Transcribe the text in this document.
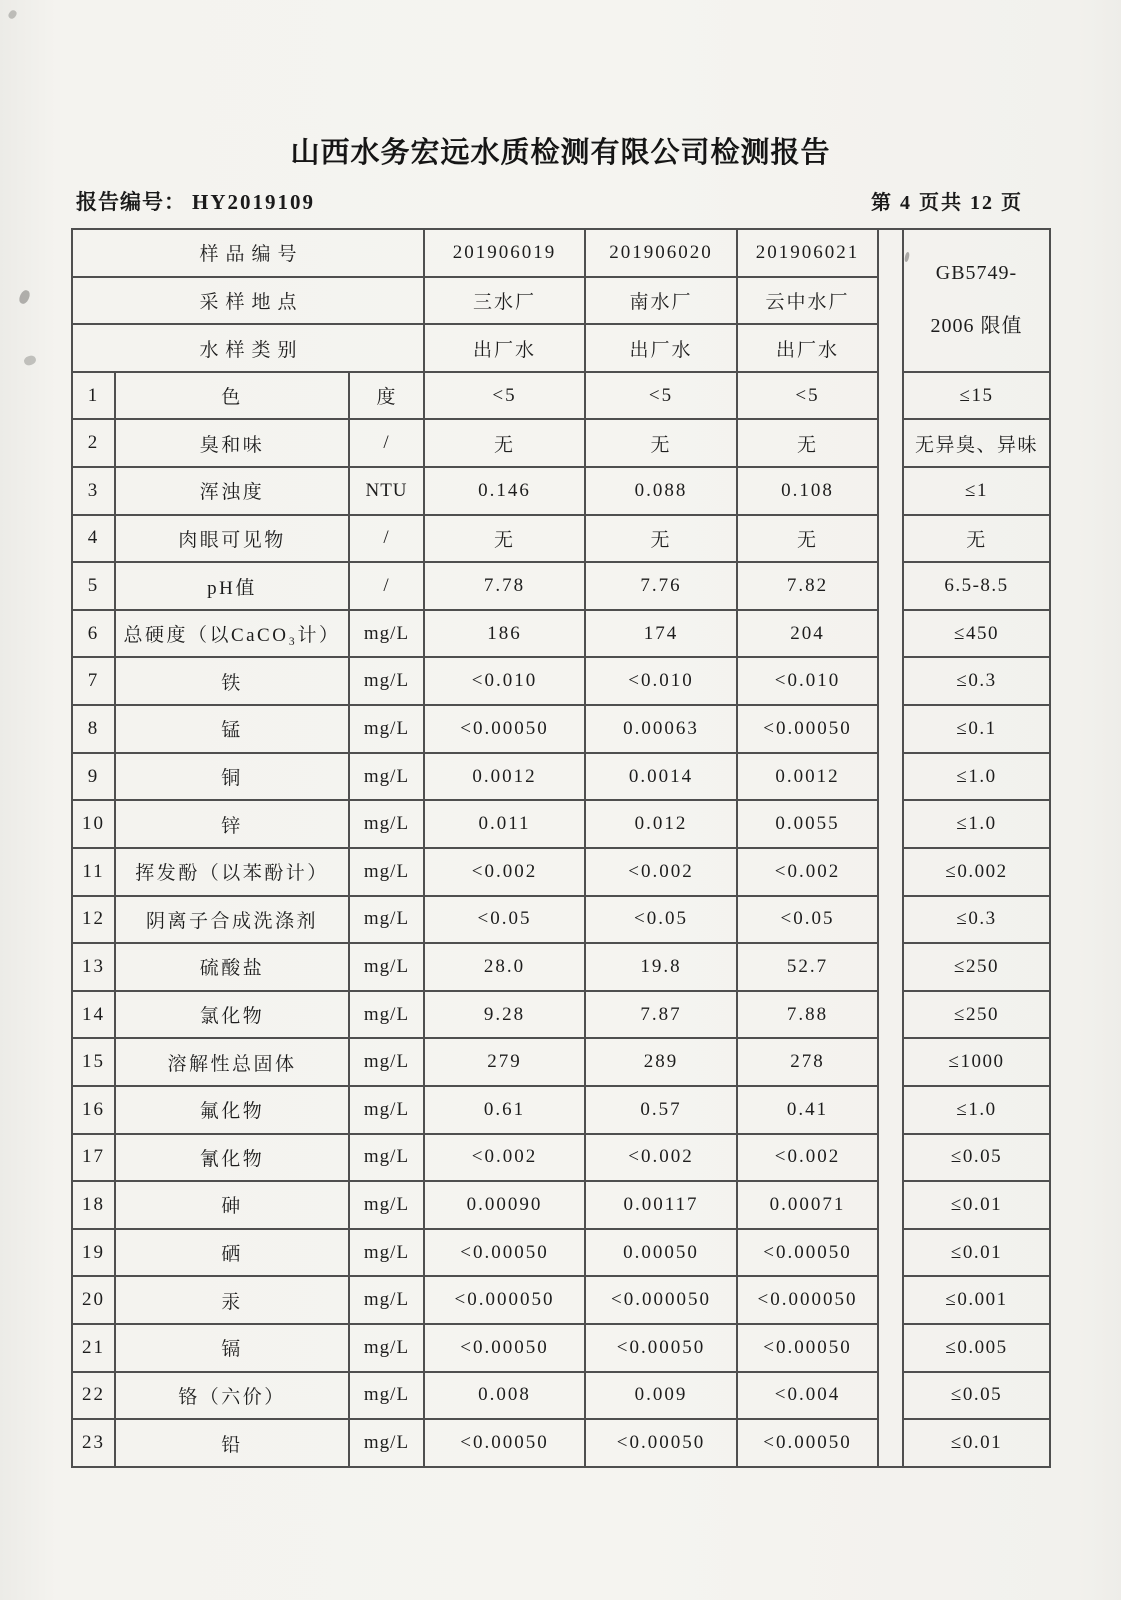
山西水务宏远水质检测有限公司检测报告
报告编号： HY2019109	第 4 页共 12 页
样品编号			201906019	201906020	201906021		GB5749-
2006 限值

采样地点			三水厂	南水厂	云中水厂		
水样类别			出厂水	出厂水	出厂水		
1	色	度	<5	<5	<5		≤15
2	臭和味	/	无	无	无		无异臭、异味
3	浑浊度	NTU	0.146	0.088	0.108		≤1
4	肉眼可见物	/	无	无	无		无
5	pH值	/	7.78	7.76	7.82		6.5-8.5
6	总硬度（以CaCO₃计）	mg/L	186	174	204		≤450
7	铁	mg/L	<0.010	<0.010	<0.010		≤0.3
8	锰	mg/L	<0.00050	0.00063	<0.00050		≤0.1
9	铜	mg/L	0.0012	0.0014	0.0012		≤1.0
10	锌	mg/L	0.011	0.012	0.0055		≤1.0
11	挥发酚（以苯酚计）	mg/L	<0.002	<0.002	<0.002		≤0.002
12	阴离子合成洗涤剂	mg/L	<0.05	<0.05	<0.05		≤0.3
13	硫酸盐	mg/L	28.0	19.8	52.7		≤250
14	氯化物	mg/L	9.28	7.87	7.88		≤250
15	溶解性总固体	mg/L	279	289	278		≤1000
16	氟化物	mg/L	0.61	0.57	0.41		≤1.0
17	氰化物	mg/L	<0.002	<0.002	<0.002		≤0.05
18	砷	mg/L	0.00090	0.00117	0.00071		≤0.01
19	硒	mg/L	<0.00050	0.00050	<0.00050		≤0.01
20	汞	mg/L	<0.000050	<0.000050	<0.000050		≤0.001
21	镉	mg/L	<0.00050	<0.00050	<0.00050		≤0.005
22	铬（六价）	mg/L	0.008	0.009	<0.004		≤0.05
23	铅	mg/L	<0.00050	<0.00050	<0.00050		≤0.01
